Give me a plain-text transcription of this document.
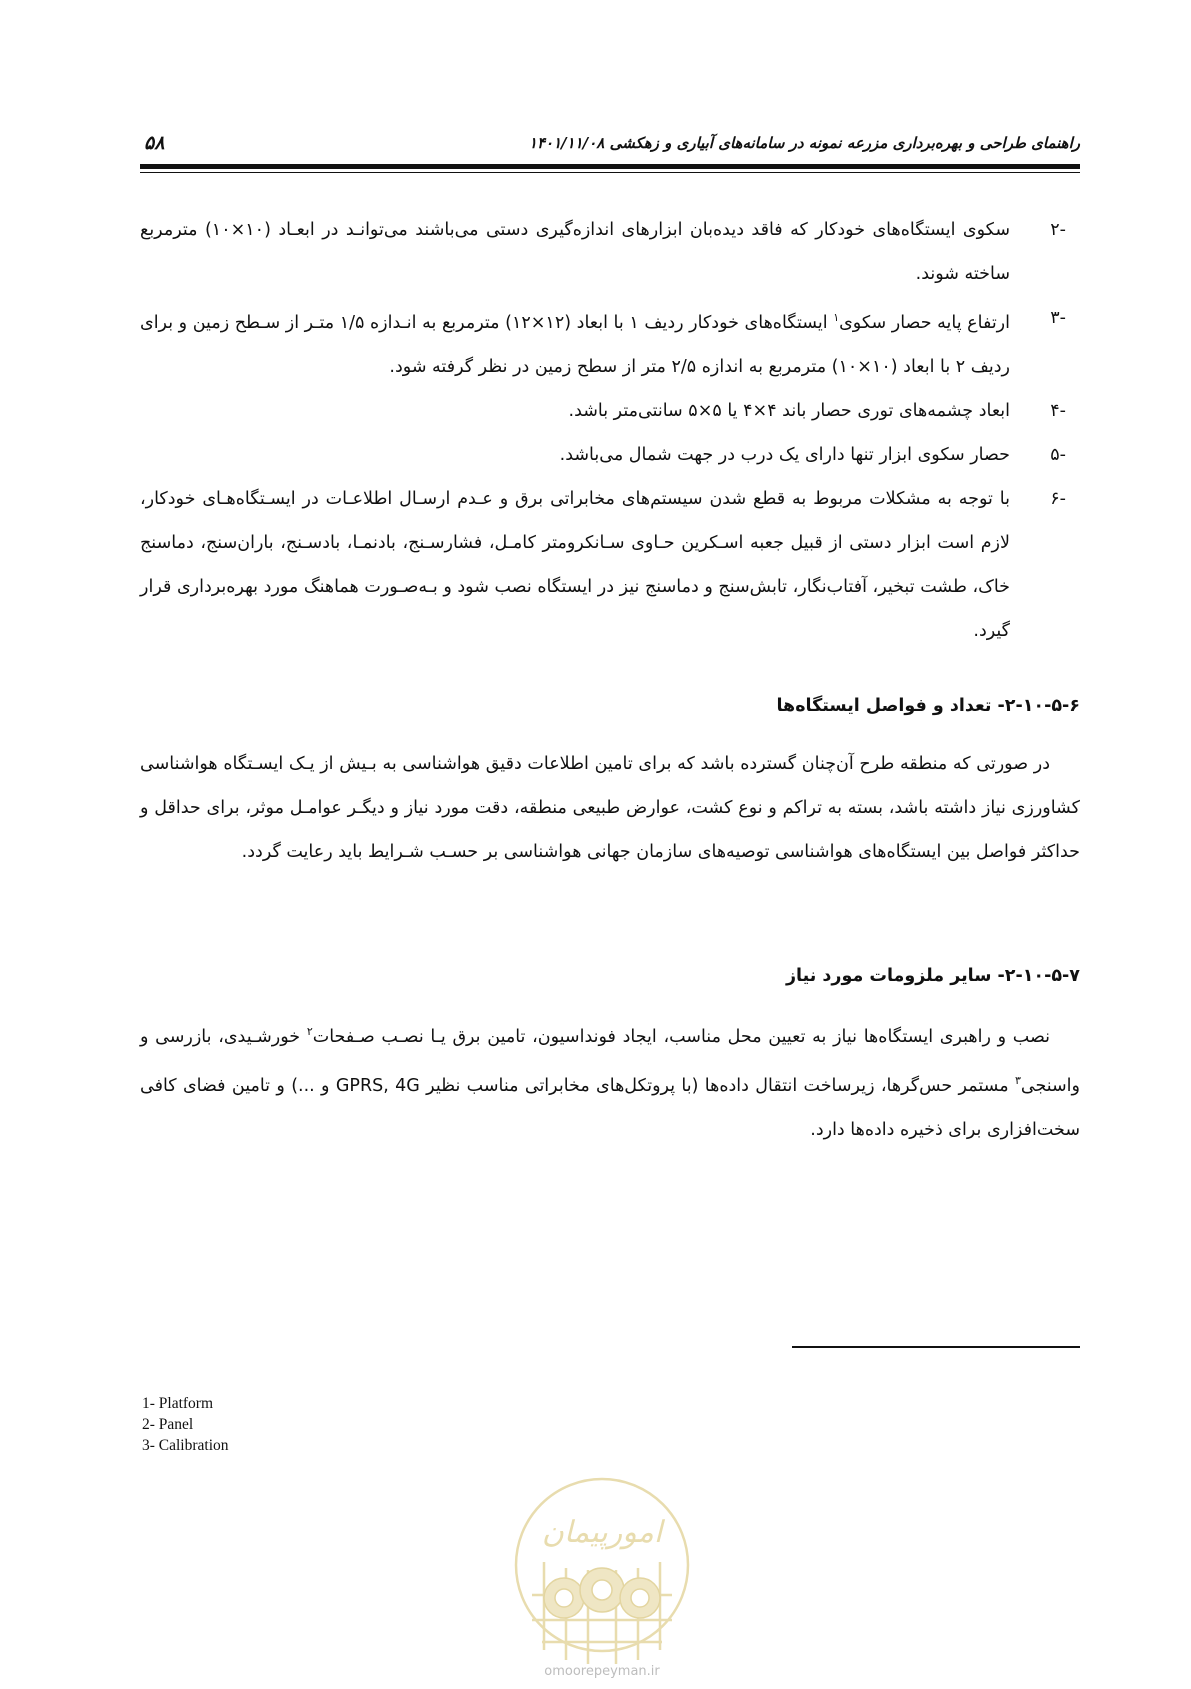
۵۸	راهنمای طراحی و بهره‌برداری مزرعه نمونه در سامانه‌های آبیاری و زهکشی ۱۴۰۱/۱۱/۰۸
-۲
سکوی ایستگاه‌های خودکار که فاقد دیده‌بان ابزارهای اندازه‌گیری دستی می‌باشند می‌توانـد در ابعـاد (۱۰×۱۰) مترمربع ساخته شوند.
-۳
ارتفاع پایه حصار سکوی$^۱$ ایستگاه‌های خودکار ردیف ۱ با ابعاد (۱۲×۱۲) مترمربع به انـدازه ۱/۵ متـر از سـطح زمین و برای ردیف ۲ با ابعاد (۱۰×۱۰) مترمربع به اندازه ۲/۵ متر از سطح زمین در نظر گرفته شود.
-۴
ابعاد چشمه‌های توری حصار باند ۴×۴ یا ۵×۵ سانتی‌متر باشد.
-۵
حصار سکوی ابزار تنها دارای یک درب در جهت شمال می‌باشد.
-۶
با توجه به مشکلات مربوط به قطع شدن سیستم‌های مخابراتی برق و عـدم ارسـال اطلاعـات در ایسـتگاه‌هـای خودکار، لازم است ابزار دستی از قبیل جعبه اسـکرین حـاوی سـانکرومتر کامـل، فشارسـنج، بادنمـا، بادسـنج، باران‌سنج، دماسنج خاک، طشت تبخیر، آفتاب‌نگار، تابش‌سنج و دماسنج نیز در ایستگاه نصب شود و بـه‌صـورت هماهنگ مورد بهره‌برداری قرار گیرد.
۲-۱۰-۵-۶- تعداد و فواصل ایستگاه‌ها

در صورتی که منطقه طرح آن‌چنان گسترده باشد که برای تامین اطلاعات دقیق هواشناسی به بـیش از یـک ایسـتگاه هواشناسی کشاورزی نیاز داشته باشد، بسته به تراکم و نوع کشت، عوارض طبیعی منطقه، دقت مورد نیاز و دیگـر عوامـل موثر، برای حداقل و حداکثر فواصل بین ایستگاه‌های هواشناسی توصیه‌های سازمان جهانی هواشناسی بر حسـب شـرایط باید رعایت گردد.

۲-۱۰-۵-۷- سایر ملزومات مورد نیاز

نصب و راهبری ایستگاه‌ها نیاز به تعیین محل مناسب، ایجاد فونداسیون، تامین برق یـا نصـب صـفحات$^۲$ خورشـیدی، بازرسی و واسنجی$^۳$ مستمر حس‌گرها، زیرساخت انتقال داده‌ها (با پروتکل‌های مخابراتی مناسب نظیر GPRS, 4G و ...) و تامین فضای کافی سخت‌افزاری برای ذخیره داده‌ها دارد.

1- Platform
2- Panel
3- Calibration
امورپیمان
omoorepeyman.ir
